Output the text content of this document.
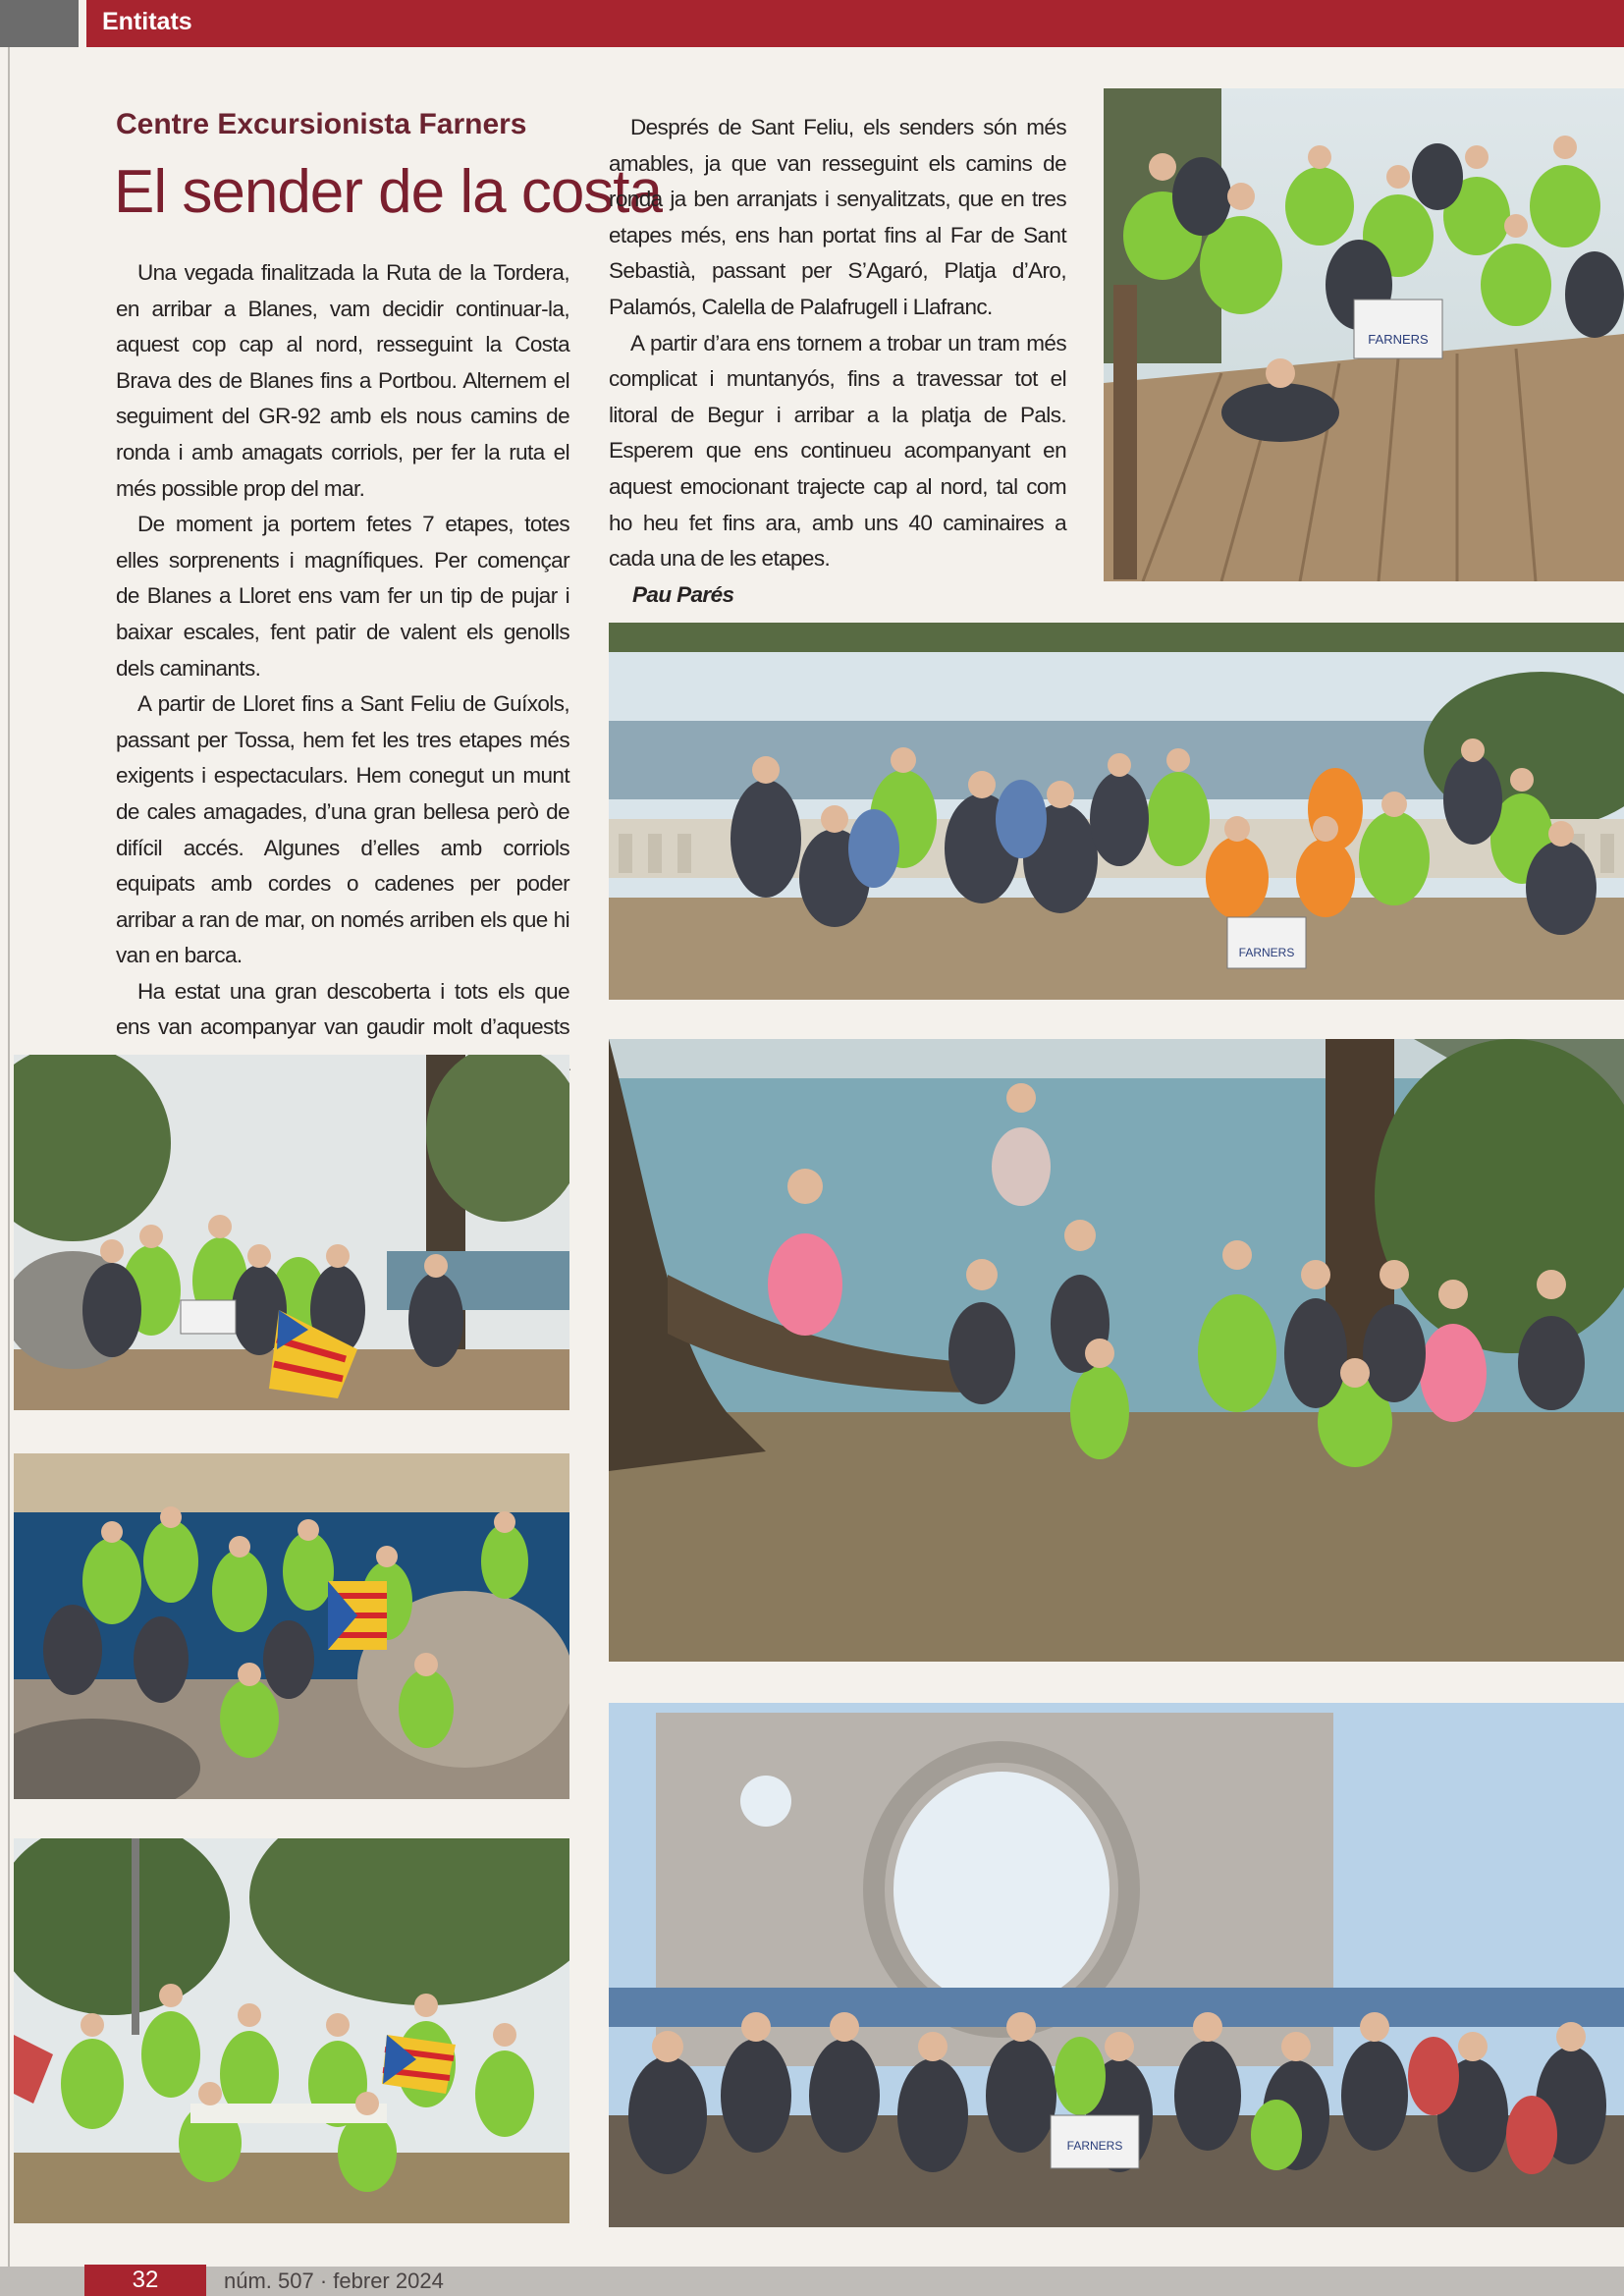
Entitats
Centre Excursionista Farners
El sender de la costa

Una vegada finalitzada la Ruta de la Tordera, en arribar a Blanes, vam decidir continuar-la, aquest cop cap al nord, resseguint la Costa Brava des de Blanes fins a Portbou. Alternem el seguiment del GR-92 amb els nous camins de ronda i amb amagats corriols, per fer la ruta el més possible prop del mar.

De moment ja portem fetes 7 etapes, totes elles sorprenents i magnífiques. Per començar de Blanes a Lloret ens vam fer un tip de pujar i baixar escales, fent patir de valent els genolls dels caminants.

A partir de Lloret fins a Sant Feliu de Guíxols, passant per Tossa, hem fet les tres etapes més exigents i espectaculars. Hem conegut un munt de cales amagades, d’una gran bellesa però de difícil accés. Algunes d’elles amb corriols equipats amb cordes o cadenes per poder arribar a ran de mar, on només arriben els que hi van en barca.

Ha estat una gran descoberta i tots els que ens van acompanyar van gaudir molt d’aquests

Després de Sant Feliu, els senders són més amables, ja que van resseguint els camins de ronda ja ben arranjats i senyalitzats, que en tres etapes més, ens han portat fins al Far de Sant Sebastià, passant per S’Agaró, Platja d’Aro, Palamós, Calella de Palafrugell i Llafranc.

A partir d’ara ens tornem a trobar un tram més complicat i muntanyós, fins a travessar tot el litoral de Begur i arribar a la platja de Pals. Esperem que ens continueu acompanyant en aquest emocionant trajecte cap al nord, tal com ho heu fet fins ara, amb uns 40 caminaires a cada una de les etapes.

Pau Parés

FARNERS
FARNERS
FARNERS
32	núm. 507 · febrer 2024
